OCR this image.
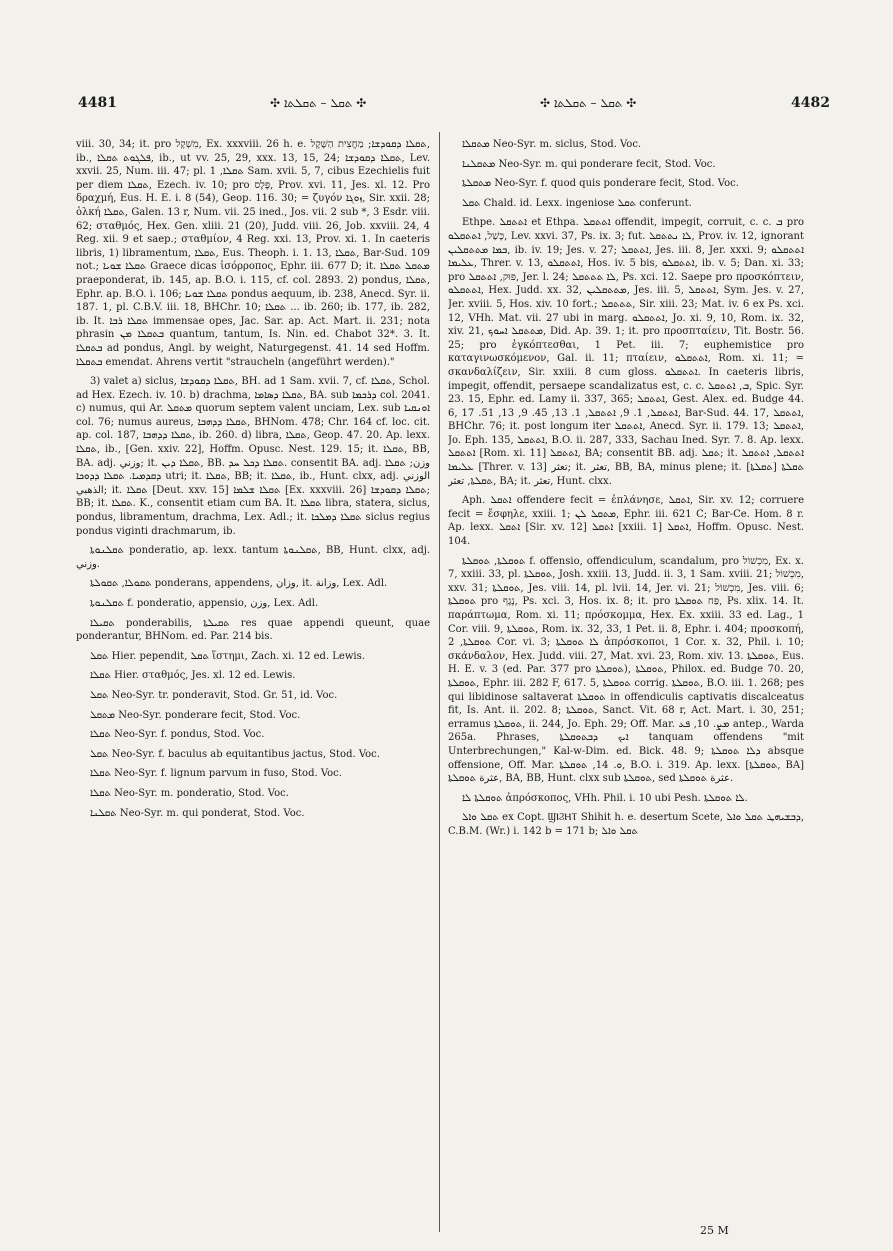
4481	✣ ܬܩܠ – ܬܩܠܬܐ ✣	✣ ܬܩܠ – ܬܩܠܬܐ ✣	4482

viii. 30, 34; it. pro מִשְׁקָל, Ex. xxxviii. 26 h. e. ܬܩܠܐ ܕܩܘܕܫܐ; מַחֲצִית הַשֶּׁקֶל, ib., ܦܠܓܘܬ ܬܩܠܐ, ib., ut vv. 25, 29, xxx. 13, 15, 24; ܬܩܠܐ ܕܩܘܕܫܐ, Lev. xxvii. 25, Num. iii. 47; pl. ܬܩܠܐ, 1 Sam. xvii. 5, 7, cibus Ezechielis fuit per diem ܬܩܠܐ, Ezech. iv. 10; pro פֶּלֶס, Prov. xvi. 11, Jes. xl. 12. Pro δραχμή, Eus. H. E. i. 8 (54), Geop. 116. 30; = ζυγόν ܙܘܓܐ, Sir. xxii. 28; ὁλκή ܬܩܠܐ, Galen. 13 r, Num. vii. 25 ined., Jos. vii. 2 sub *, 3 Esdr. viii. 62; σταθμός, Hex. Gen. xliii. 21 (20), Judd. viii. 26, Job. xxviii. 24, 4 Reg. xii. 9 et saep.; σταθμίον, 4 Reg. xxi. 13, Prov. xi. 1. In caeteris libris, 1) libramentum, ܬܩܠܐ, Eus. Theoph. i. 1. 13, ܬܩܠܐ, Bar-Sud. 109 not.; ܬܩܠܐ ܫܘܝܐ Graece dicas ἰσόρροπος, Ephr. iii. 677 D; it. ܡܬܩܠ ܬܩܠܐ praeponderat, ib. 145, ap. B.O. i. 115, cf. col. 2893. 2) pondus, ܬܩܠܐ, Ephr. ap. B.O. i. 106; ܬܩܠܐ ܫܘܝܐ pondus aequum, ib. 238, Anecd. Syr. ii. 187. 1, pl. C.B.V. iii. 18, BHChr. 10; ܬܩܠܐ ... ib. 260; ib. 177, ib. 282, ib. It. ܬܩܠܐ ܪܒܐ immensae opes, Jac. Sar. ap. Act. Mart. ii. 231; nota phrasin ܒܬܩܠܐ ܡܢ quantum, tantum, Is. Nin. ed. Chabot 32*. 3. It. ܒܬܩܠܐ ad pondus, Angl. by weight, Naturgegenst. 41. 14 sed Hoffm. ܒܬܩܠܐ emendat. Ahrens vertit "straucheln (angeführt werden)."

3) valet a) siclus, ܬܩܠܐ ܕܩܘܕܫܐ, BH. ad 1 Sam. xvii. 7, cf. ܬܩܠܐ, Schol. ad Hex. Ezech. iv. 10. b) drachma, ܬܩܠܐ ܕܣܐܡܐ, BA. sub ܕܪܟܡܐ col. 2041. c) numus, qui Ar. ܡܬܩܠ quorum septem valent unciam, Lex. sub ܐܘܢܩܝܐ col. 76; numus aureus, ܬܩܠܐ ܕܕܗܒܐ, BHNom. 478; Chr. 164 cf. loc. cit. ap. col. 187, ܬܩܠܐ ܕܕܗܒܐ, ib. 260. d) libra, ܬܩܠܐ, Geop. 47. 20. Ap. lexx. ܬܩܠܐ, ib., [Gen. xxiv. 22], Hoffm. Opusc. Nest. 129. 15; it. ܬܩܠܐ, BB, BA. adj. وزني; it. ܬܩܠܐ ܕܝܢ, BB. ܬܩܠܐ ܕܟܠ ܚܕ. consentit BA. adj. وزن; ܬܩܠܐ ܕܩܕܡܝܐ. ܬܩܠܐ ܕܕܘܟܐ utri; it. ܬܩܠܐ, BB; it. ܬܩܠܐ, ib., Hunt. clxx, adj. الوزني الذهبي; it. ܬܩܠܐ [Deut. xxv. 15] ܬܩܠܐ ܫܠܡܐ [Ex. xxxviii. 26] ܬܩܠܐ ܕܩܘܕܫܐ; BB; it. ܬܩܠܐ. K., consentit etiam cum BA. It. ܬܩܠܐ libra, statera, siclus, pondus, libramentum, drachma, Lex. Adl.; it. ܬܩܠܐ ܕܡܠܟܐ siclus regius pondus viginti drachmarum, ib.

ܬܩܠܢܘܬܐ ponderatio, ap. lexx. tantum ܬܩܠܢܘܬܐ, BB, Hunt. clxx, adj. وزني.

ܬܩܘܠܐ, ܬܩܘܠܬܐ ponderans, appendens, وزان, it. وزانة, Lex. Adl.

ܬܩܠܢܘܬܐ f. ponderatio, appensio, وزن, Lex. Adl.

ܬܩܝܠܐ ponderabilis, ܬܩܝܠܬܐ res quae appendi queunt, quae ponderantur, BHNom. ed. Par. 214 bis.

ܬܩܠ Hier. pependit, ܬܩܠ ἵστημι, Zach. xi. 12 ed. Lewis.

ܬܩܠܐ Hier. σταθμός, Jes. xl. 12 ed. Lewis.

ܬܩܠ Neo-Syr. tr. ponderavit, Stod. Gr. 51, id. Voc.

ܡܬܩܠ Neo-Syr. ponderare fecit, Stod. Voc.

ܬܩܠܐ Neo-Syr. f. pondus, Stod. Voc.

ܬܩܠ Neo-Syr. f. baculus ab equitantibus jactus, Stod. Voc.

ܬܩܠܐ Neo-Syr. f. lignum parvum in fuso, Stod. Voc.

ܬܩܠܐ Neo-Syr. m. ponderatio, Stod. Voc.

ܬܩܠܢܐ Neo-Syr. m. qui ponderat, Stod. Voc.

ܡܬܩܠܐ Neo-Syr. m. siclus, Stod. Voc.

ܡܬܩܠܢܐ Neo-Syr. m. qui ponderare fecit, Stod. Voc.

ܡܬܩܠܬܐ Neo-Syr. f. quod quis ponderare fecit, Stod. Voc.

ܬܩܠ Chald. id. Lexx. ingeniose ܬܩܠ conferunt.

Ethpe. ܐܬܬܩܠ et Ethpa. ܐܬܬܩܠ offendit, impegit, corruit, c. c. ܒ pro כָּשַׁל, ܐܬܬܩܠܘ, Lev. xxvi. 37, Ps. ix. 3; fut. ܠܐ ܢܬܬܩܠ, Prov. iv. 12, ignorant ܒܡܐ ܡܬܬܩܠܝܢ, ib. iv. 19; Jes. v. 27; ܐܬܬܩܠ, Jes. iii. 8, Jer. xxxi. 9; ܐܬܬܩܠܘ ܥܠܝܡܐ, Threr. v. 13, ܐܬܬܩܠܘ, Hos. iv. 5 bis, ܐܬܬܩܠܘ, ib. v. 5; Dan. xi. 33; pro פּוּק, ܐܬܬܩܠ, Jer. l. 24; ܠܐ ܬܬܬܩܠ, Ps. xci. 12. Saepe pro προσκόπτειν, ܐܬܬܩܠܘ, Hex. Judd. xx. 32, ܡܬܬܩܠܝܢ, Jes. iii. 5, ܐܬܬܩܠ, Sym. Jes. v. 27, Jer. xviii. 5, Hos. xiv. 10 fort.; ܬܬܬܩܠ, Sir. xiii. 23; Mat. iv. 6 ex Ps. xci. 12, VHh. Mat. vii. 27 ubi in marg. ܐܬܬܩܠܘ, Jo. xi. 9, 10, Rom. ix. 32, xiv. 21, ܡܬܬܩܠ ܐܚܘܟ, Did. Ap. 39. 1; it. pro προσπταίειν, Tit. Bostr. 56. 25; pro ἐγκόπτεσθαι, 1 Pet. iii. 7; euphemistice pro καταγινωσκόμενον, Gal. ii. 11; πταίειν, ܐܬܬܩܠܘ, Rom. xi. 11; = σκανδαλίζειν, Sir. xxiii. 8 cum gloss. ܐܬܬܩܠܘ. In caeteris libris, impegit, offendit, persaepe scandalizatus est, c. c. ܒ, ܐܬܬܩܠ, Spic. Syr. 23. 15, Ephr. ed. Lamy ii. 337, 365; ܐܬܬܩܠ, Gest. Alex. ed. Budge 44. 6, ܐܬܬܩܠ, 1. 9, ܐܬܬܩܠ, 1. 13, 45. 9, 13, 51. 17, Bar-Sud. 44. 17, ܐܬܬܩܠ, BHChr. 76; it. post longum iter ܐܬܬܩܠ, Anecd. Syr. ii. 179. 13; ܐܬܬܩܠ, Jo. Eph. 135, ܐܬܬܩܠ, B.O. ii. 287, 333, Sachau Ined. Syr. 7. 8. Ap. lexx. ܐܬܬܩܠ [Rom. xi. 11] ܐܬܬܩܠ, BA; consentit BB. adj. ܬܩܠ; it. ܐܬܬܩܠ, ܐܬܬܩܠ ܥܠܝܡܐ [Threr. v. 13] تعثر; it. تعثر, BB, BA, minus plene; it. ܬܩܠܬܐ [ܬܩܠܬܐ] ܬܩܠܬܐ, تعثر, BA; it. تعثر, Hunt. clxx.

Aph. ܐܬܩܠ offendere fecit = ἐπλάνησε, ܐܬܩܠ, Sir. xv. 12; corruere fecit = ἔσφηλε, xxiii. 1; ܡܬܩܠ ܠܢ, Ephr. iii. 621 C; Bar-Ce. Hom. 8 r. Ap. lexx. ܐܬܩܠ [Sir. xv. 12] ܐܬܩܠ [xxiii. 1] ܐܬܩܠ, Hoffm. Opusc. Nest. 104.

ܬܘܩܠܬܐ, ܬܘܩܠܬܐ f. offensio, offendiculum, scandalum, pro מִכְשׁוֹל, Ex. x. 7, xxiii. 33, pl. ܬܘܩܠܬܐ, Josh. xxiii. 13, Judd. ii. 3, 1 Sam. xviii. 21; מִכְשׁוֹל, xxv. 31; ܬܘܩܠܬܐ, Jes. viii. 14, pl. lvii. 14, Jer. vi. 21; מִכְשׁוֹל, Jes. viii. 6; ܬܘܩܠܬܐ pro נֶגֶף, Ps. xci. 3, Hos. ix. 8; it. pro פַּח ܬܘܩܠܬܐ, Ps. xlix. 14. It. παράπτωμα, Rom. xi. 11; πρόσκομμα, Hex. Ex. xxiii. 33 ed. Lag., 1 Cor. viii. 9, ܬܘܩܠܬܐ, Rom. ix. 32, 33, 1 Pet. ii. 8, Ephr. i. 404; προσκοπή, ܬܘܩܠܬܐ, 2 Cor. vi. 3; ܠܐ ܬܘܩܠܬܐ ἀπρόσκοποι, 1 Cor. x. 32, Phil. i. 10; σκάνδαλον, Hex. Judd. viii. 27, Mat. xvi. 23, Rom. xiv. 13. ܬܘܩܠܬܐ, Eus. H. E. v. 3 (ed. Par. 377 pro ܬܘܩܠܬܐ), ܬܘܩܠܬܐ, Philox. ed. Budge 70. 20, ܬܘܩܠܬܐ, Ephr. iii. 282 F, 617. 5, ܬܘܩܠܬܐ corrig. ܬܘܩܠܬܐ, B.O. iii. 1. 268; pes qui libidinose saltaverat ܬܘܩܠܬܐ in offendiculis captivatis discalceatus fit, Is. Ant. ii. 202. 8; ܬܘܩܠܬܐ, Sanct. Vit. 68 r, Act. Mart. i. 30, 251; erramus ܬܘܩܠܬܐ, ii. 244, Jo. Eph. 29; Off. Mar. ܡܨ. 10, ܦܥ antep., Warda 265a. Phrases, ܐܝܟ ܕܒܬܘܩܠܬܐ tanquam offendens "mit Unterbrechungen," Kal-w-Dim. ed. Bick. 48. 9; ܕܠܐ ܬܘܩܠܬܐ absque offensione, Off. Mar. ܘ. 14, ܬܘܩܠܬܐ, B.O. i. 319. Ap. lexx. [ܬܘܩܠܬܐ, BA] عثرة ܬܘܩܠܬܐ, BA, BB, Hunt. clxx sub ܬܘܩܠܬܐ, sed عثرة ܬܘܩܠܬܐ.

ܬܘܩܠܬܐ ܠܐ ἀπρόσκοπος, VHh. Phil. i. 10 ubi Pesh. ܠܐ ܬܘܩܠܬܐ.

ܬܩܠ ܘܐܠ ex Copt. ϢⲒϨⲎⲦ Shihit h. e. desertum Scete, ܕܒܫܝܗܛ ܬܩܠ ܘܐܠ, C.B.M. (Wr.) i. 142 b = 171 b; ܬܩܠ ܘܐܠ

25 M
